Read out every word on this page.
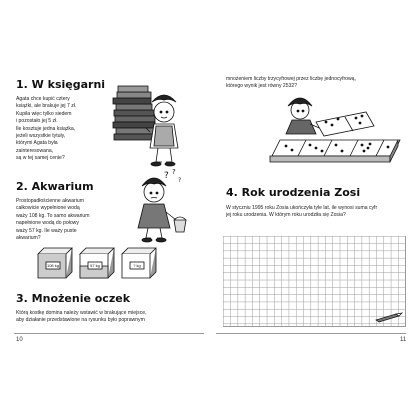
1. W księgarni
Agata chce kupić cztery
książki, ale brakuje jej 7 zł.
Kupiła więc tylko siedem
i pozostało jej 5 zł.
Ile kosztuje jedna książka,
jeżeli wszystkie tytuły,
którymi Agata była
zainteresowana,
są w tej samej cenie?
2. Akwarium
Prostopadłościenne akwarium
całkowicie wypełnione wodą
waży 108 kg. To samo akwarium
napełnione wodą do połowy
waży 57 kg. Ile waży puste
akwarium?
? ?
?
108 kg	57 kg	? kg
3. Mnożenie oczek
Którą kostkę domina należy wstawić w brakujące miejsce,
aby działanie przedstawione na rysunku było poprawnym
10
mnożeniem liczby trzycyfrowej przez liczbę jednocyfrową,
którego wynik jest równy 2532?
4. Rok urodzenia Zosi
W styczniu 1995 roku Zosia ukończyła tyle lat, ile wynosi suma cyfr
jej roku urodzenia. W którym roku urodziła się Zosia?
11
